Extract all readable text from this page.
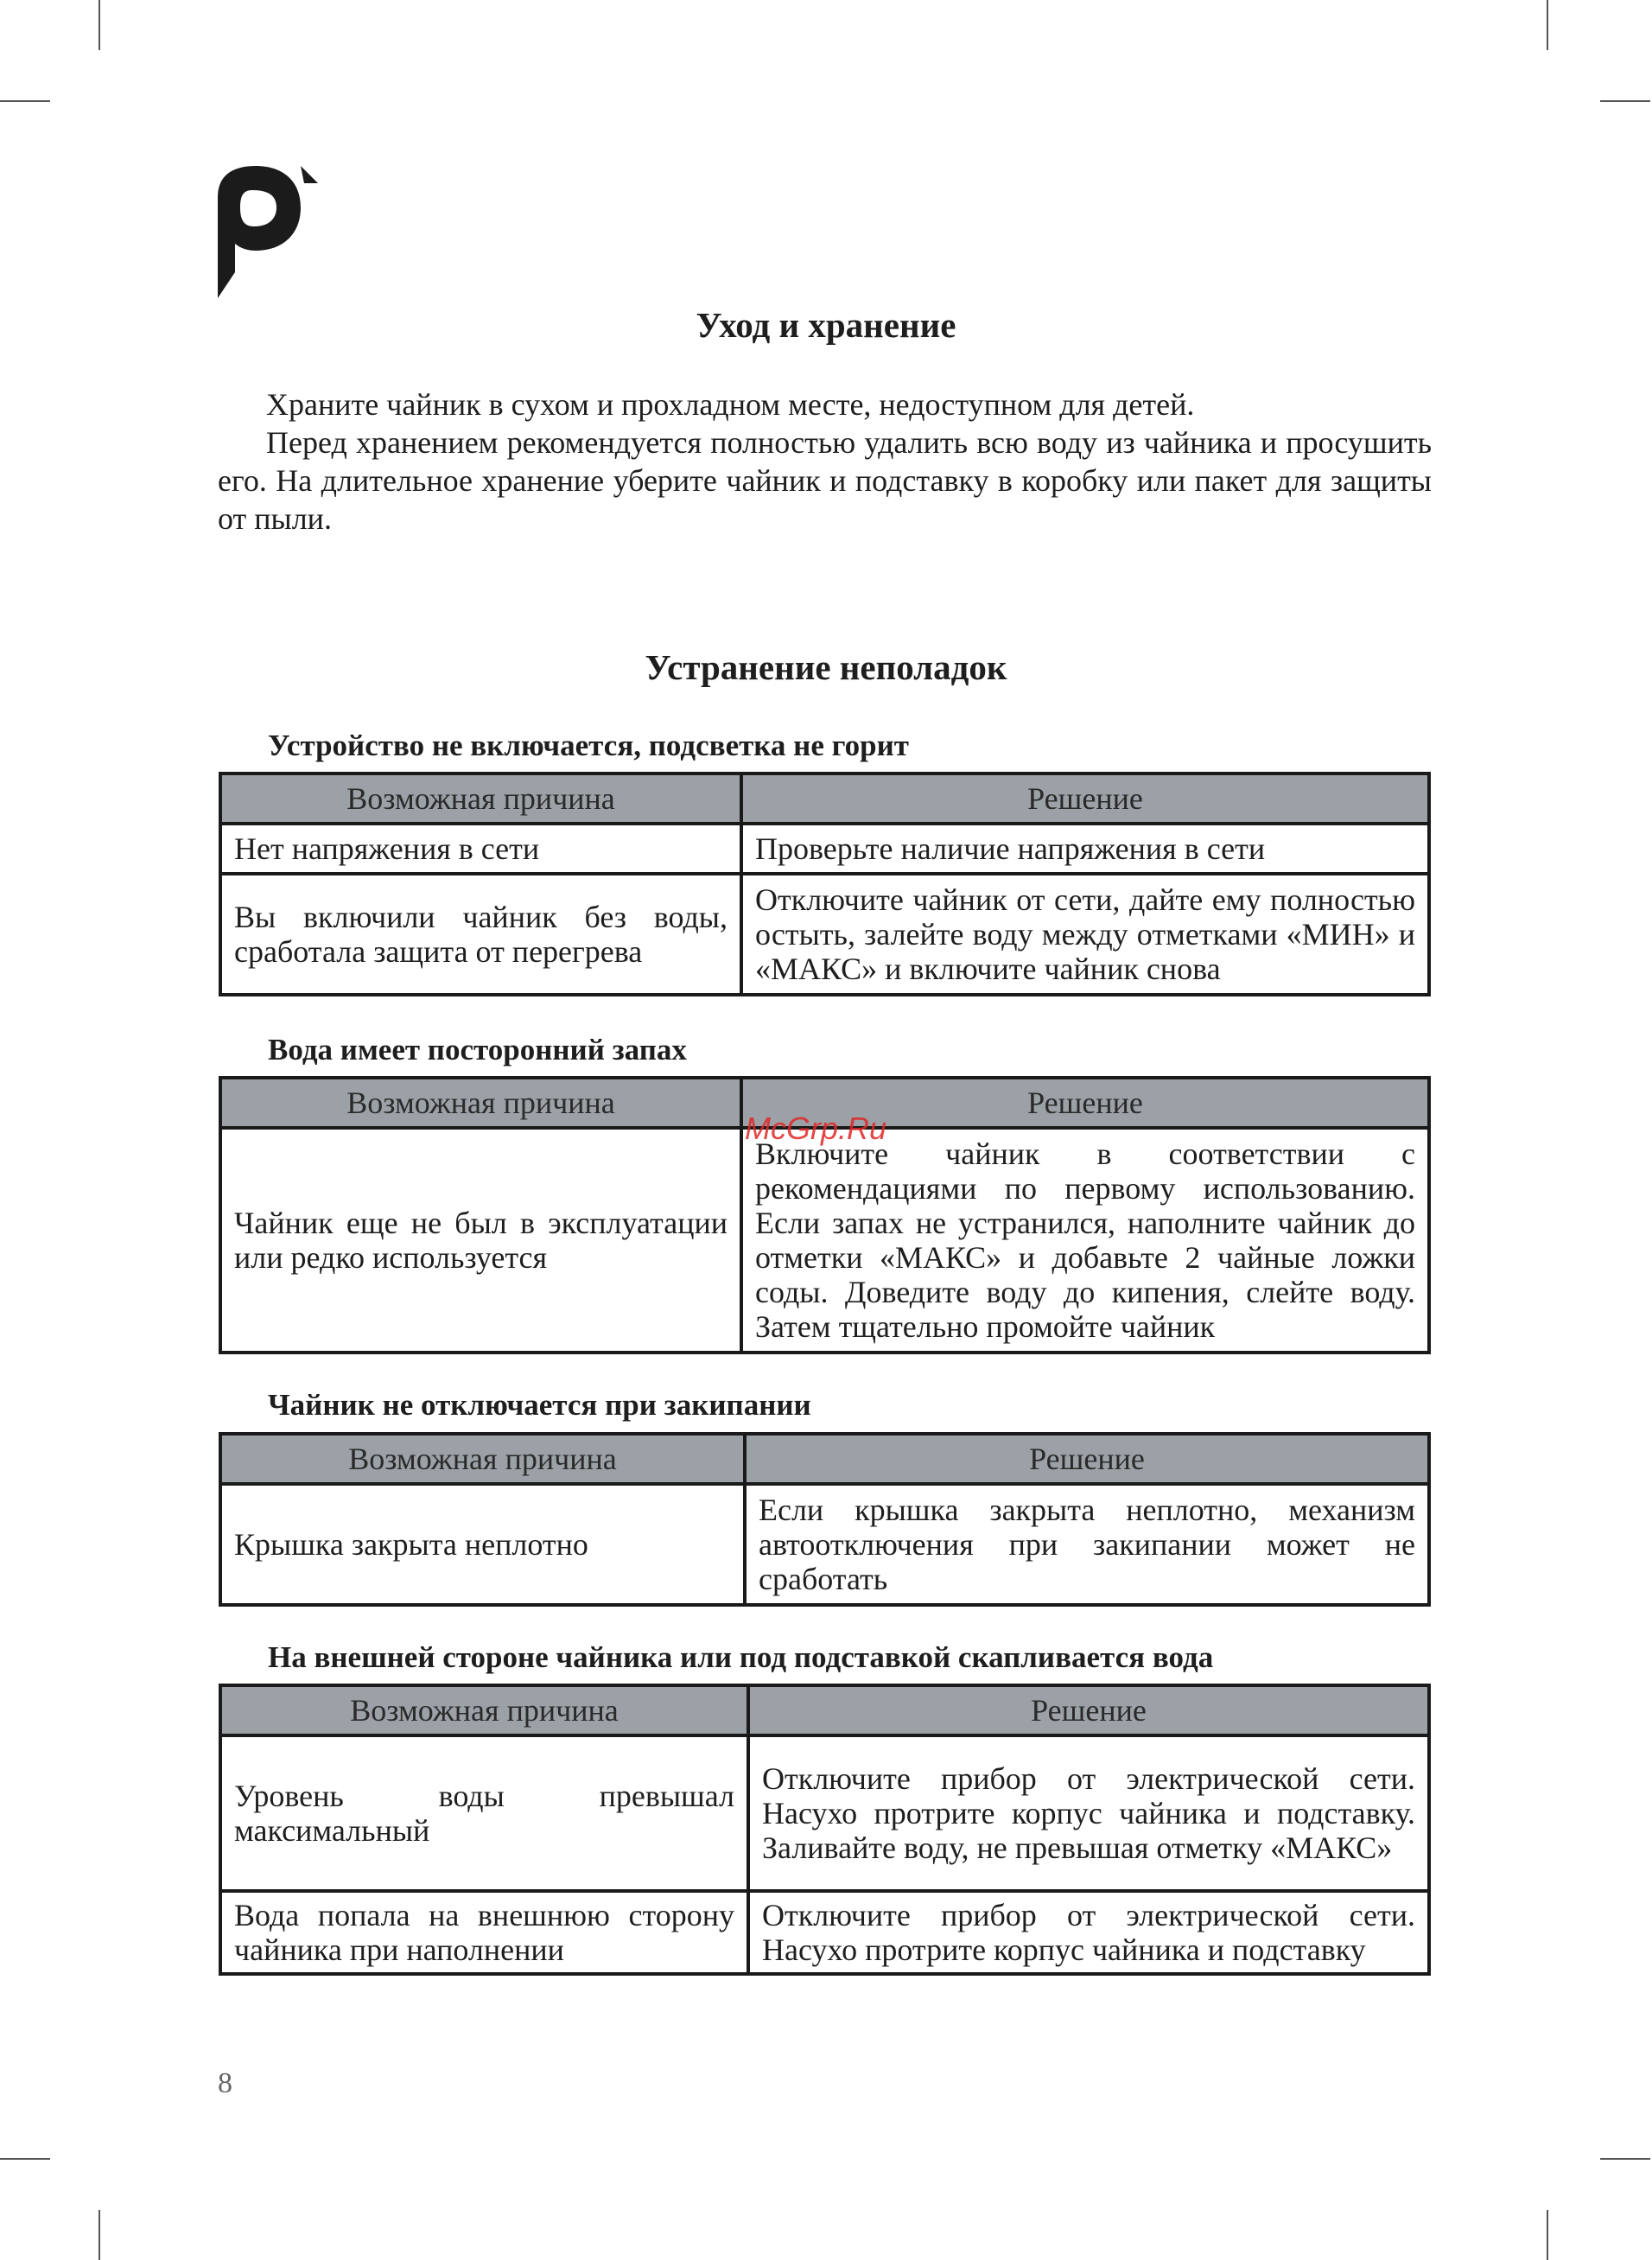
Уход и хранение
Храните чайник в сухом и прохладном месте, недоступном для детей.
Перед хранением рекомендуется полностью удалить всю воду из чайника и просушить его. На длительное хранение уберите чайник и подставку в коробку или пакет для защиты от пыли.
Устранение неполадок
Устройство не включается, подсветка не горит
Возможная причина	Решение
Нет напряжения в сети	Проверьте наличие напряжения в сети
Вы включили чайник без воды, сработала защита от перегрева	Отключите чайник от сети, дайте ему полностью остыть, залейте воду между отметками «МИН» и «МАКС» и включите чайник снова
Вода имеет посторонний запах
Возможная причина	Решение
Чайник еще не был в эксплуатации или редко используется	Включите чайник в соответствии с рекомендациями по первому использованию. Если запах не устранился, наполните чайник до отметки «МАКС» и добавьте 2 чайные ложки соды. Доведите воду до кипения, слейте воду. Затем тщательно промойте чайник
Чайник не отключается при закипании
Возможная причина	Решение
Крышка закрыта неплотно	Если крышка закрыта неплотно, механизм автоотключения при закипании может не сработать
На внешней стороне чайника или под подставкой скапливается вода
Возможная причина	Решение
Уровень воды превышал максимальный	Отключите прибор от электрической сети. Насухо протрите корпус чайника и подставку. Заливайте воду, не превышая отметку «МАКС»
Вода попала на внешнюю сторону чайника при наполнении	Отключите прибор от электрической сети. Насухо протрите корпус чайника и подставку
McGrp.Ru
8
